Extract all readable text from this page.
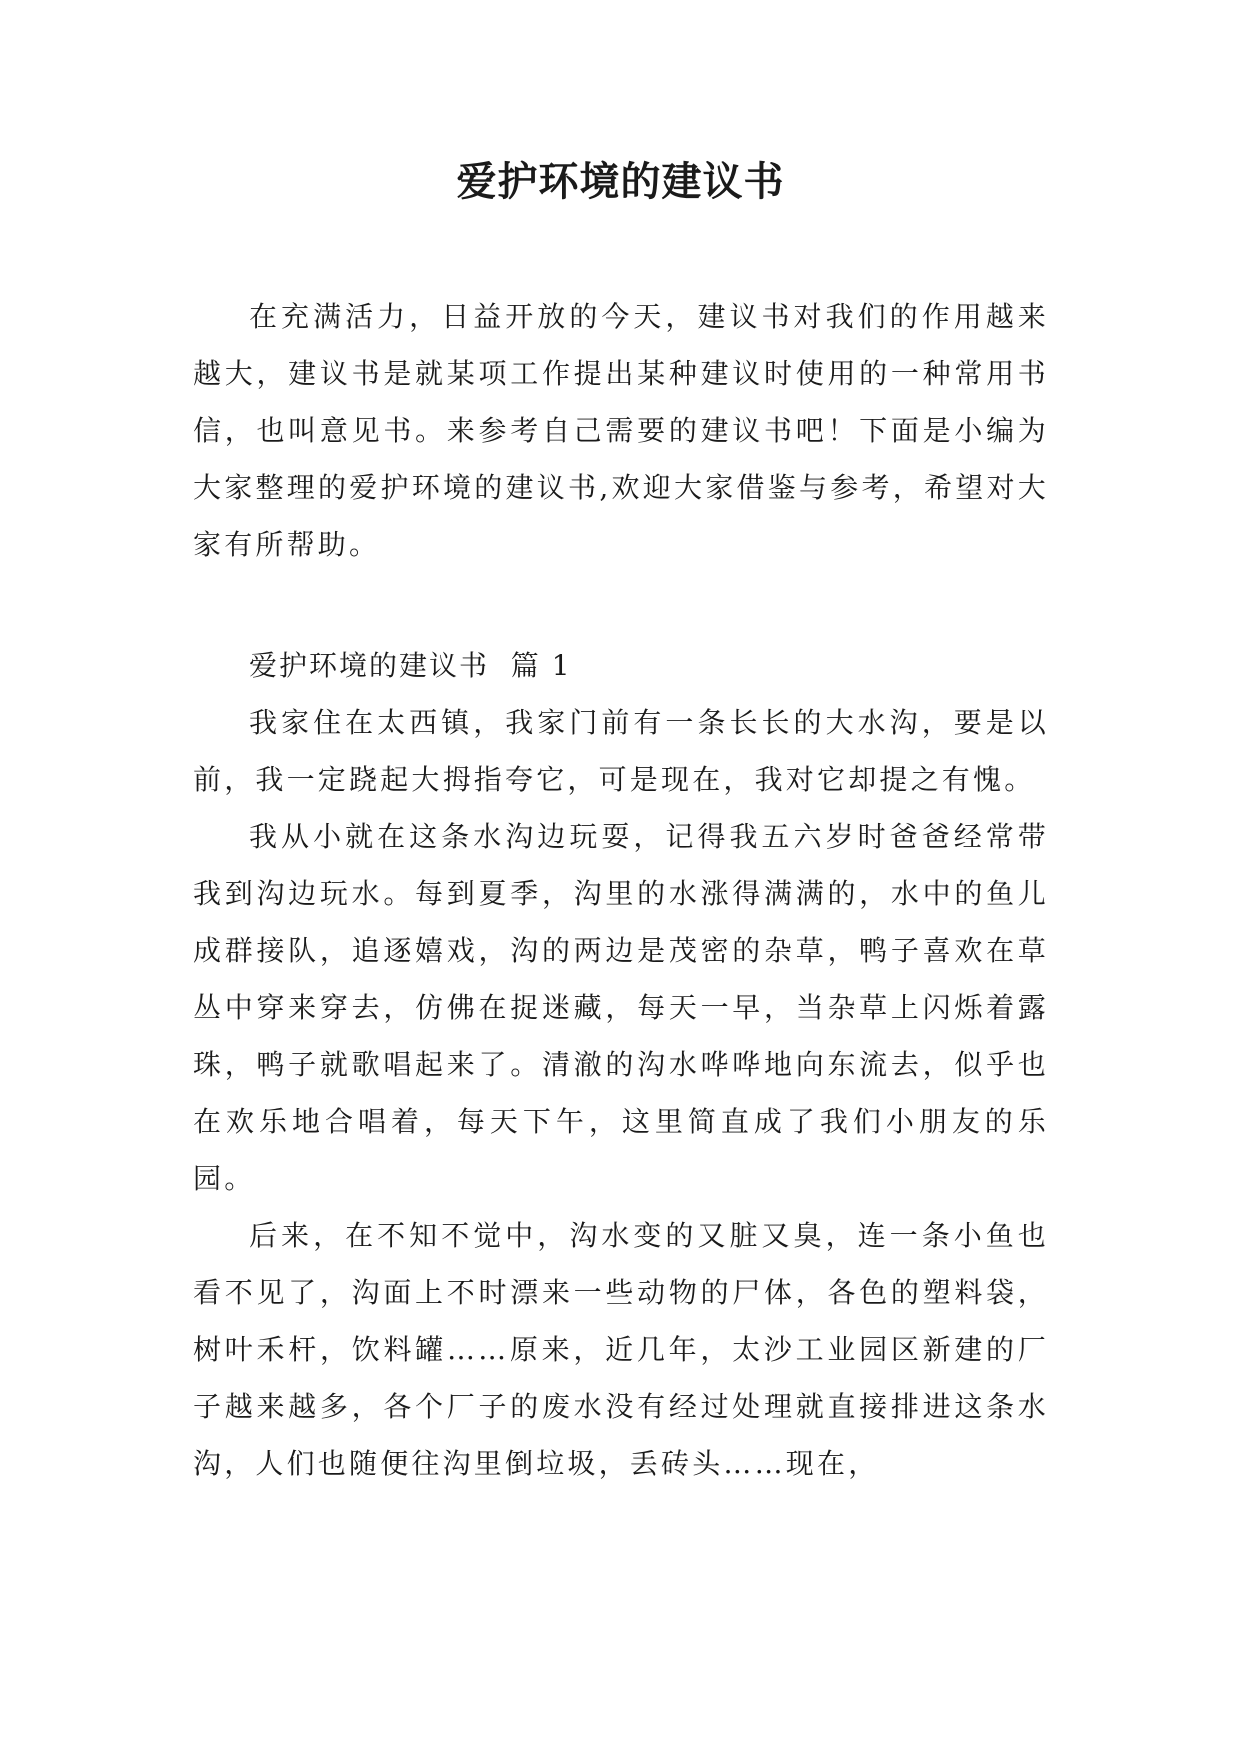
爱护环境的建议书

在充满活力，日益开放的今天，建议书对我们的作用越来越大，建议书是就某项工作提出某种建议时使用的一种常用书信，也叫意见书。来参考自己需要的建议书吧！下面是小编为大家整理的爱护环境的建议书,欢迎大家借鉴与参考，希望对大家有所帮助。

爱护环境的建议书  篇 1

我家住在太西镇，我家门前有一条长长的大水沟，要是以前，我一定跷起大拇指夸它，可是现在，我对它却提之有愧。

我从小就在这条水沟边玩耍，记得我五六岁时爸爸经常带我到沟边玩水。每到夏季，沟里的水涨得满满的，水中的鱼儿成群接队，追逐嬉戏，沟的两边是茂密的杂草，鸭子喜欢在草丛中穿来穿去，仿佛在捉迷藏，每天一早，当杂草上闪烁着露珠，鸭子就歌唱起来了。清澈的沟水哗哗地向东流去，似乎也在欢乐地合唱着，每天下午，这里简直成了我们小朋友的乐园。

后来，在不知不觉中，沟水变的又脏又臭，连一条小鱼也看不见了，沟面上不时漂来一些动物的尸体，各色的塑料袋，树叶禾杆，饮料罐……原来，近几年，太沙工业园区新建的厂子越来越多，各个厂子的废水没有经过处理就直接排进这条水沟，人们也随便往沟里倒垃圾，丢砖头……现在，
